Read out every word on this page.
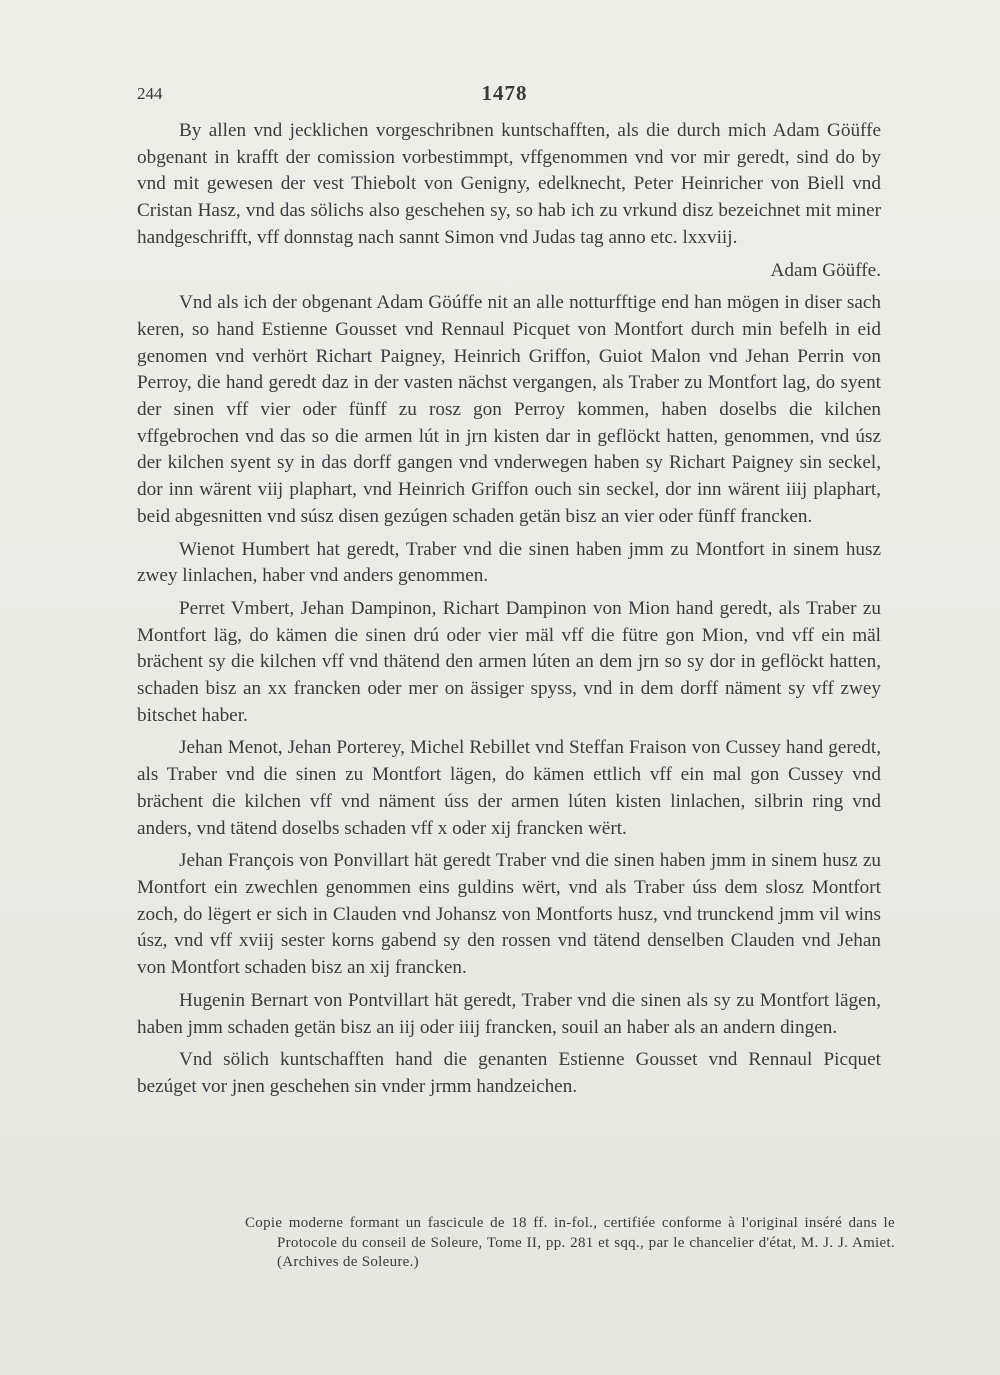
244	1478

By allen vnd jecklichen vorgeschribnen kuntschafften, als die durch mich Adam Göüffe obgenant in krafft der comission vorbestimmpt, vffgenommen vnd vor mir geredt, sind do by vnd mit gewesen der vest Thiebolt von Genigny, edelknecht, Peter Heinricher von Biell vnd Cristan Hasz, vnd das sölichs also geschehen sy, so hab ich zu vrkund disz bezeichnet mit miner handgeschrifft, vff donnstag nach sannt Simon vnd Judas tag anno etc. lxxviij.

Adam Göüffe.

Vnd als ich der obgenant Adam Göúffe nit an alle notturfftige end han mögen in diser sach keren, so hand Estienne Gousset vnd Rennaul Picquet von Montfort durch min befelh in eid genomen vnd verhört Richart Paigney, Heinrich Griffon, Guiot Malon vnd Jehan Perrin von Perroy, die hand geredt daz in der vasten nächst vergangen, als Traber zu Montfort lag, do syent der sinen vff vier oder fünff zu rosz gon Perroy kommen, haben doselbs die kilchen vffgebrochen vnd das so die armen lút in jrn kisten dar in geflöckt hatten, genommen, vnd úsz der kilchen syent sy in das dorff gangen vnd vnderwegen haben sy Richart Paigney sin seckel, dor inn wärent viij plaphart, vnd Heinrich Griffon ouch sin seckel, dor inn wärent iiij plaphart, beid abgesnitten vnd súsz disen gezúgen schaden getän bisz an vier oder fünff francken.

Wienot Humbert hat geredt, Traber vnd die sinen haben jmm zu Montfort in sinem husz zwey linlachen, haber vnd anders genommen.

Perret Vmbert, Jehan Dampinon, Richart Dampinon von Mion hand geredt, als Traber zu Montfort läg, do kämen die sinen drú oder vier mäl vff die fütre gon Mion, vnd vff ein mäl brächent sy die kilchen vff vnd thätend den armen lúten an dem jrn so sy dor in geflöckt hatten, schaden bisz an xx francken oder mer on ässiger spyss, vnd in dem dorff näment sy vff zwey bitschet haber.

Jehan Menot, Jehan Porterey, Michel Rebillet vnd Steffan Fraison von Cussey hand geredt, als Traber vnd die sinen zu Montfort lägen, do kämen ettlich vff ein mal gon Cussey vnd brächent die kilchen vff vnd näment úss der armen lúten kisten linlachen, silbrin ring vnd anders, vnd tätend doselbs schaden vff x oder xij francken wërt.

Jehan François von Ponvillart hät geredt Traber vnd die sinen haben jmm in sinem husz zu Montfort ein zwechlen genommen eins guldins wërt, vnd als Traber úss dem slosz Montfort zoch, do lëgert er sich in Clauden vnd Johansz von Montforts husz, vnd trunckend jmm vil wins úsz, vnd vff xviij sester korns gabend sy den rossen vnd tätend denselben Clauden vnd Jehan von Montfort schaden bisz an xij francken.

Hugenin Bernart von Pontvillart hät geredt, Traber vnd die sinen als sy zu Montfort lägen, haben jmm schaden getän bisz an iij oder iiij francken, souil an haber als an andern dingen.

Vnd sölich kuntschafften hand die genanten Estienne Gousset vnd Rennaul Picquet bezúget vor jnen geschehen sin vnder jrmm handzeichen.

Copie moderne formant un fascicule de 18 ff. in-fol., certifiée conforme à l'original inséré dans le Protocole du conseil de Soleure, Tome II, pp. 281 et sqq., par le chancelier d'état, M. J. J. Amiet. (Archives de Soleure.)
